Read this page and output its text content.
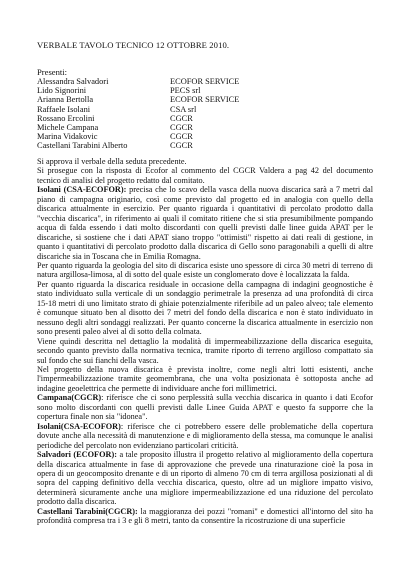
VERBALE TAVOLO TECNICO 12 OTTOBRE 2010.
Presenti:
Alessandra Salvadori	ECOFOR SERVICE
Lido Signorini	PECS srl
Arianna Bertolla	ECOFOR SERVICE
Raffaele Isolani	CSA srl
Rossano Ercolini	CGCR
Michele Campana	CGCR
Marina Vidakovic	CGCR
Castellani Tarabini Alberto	CGCR

Si approva il verbale della seduta precedente.

Si prosegue con la risposta di Ecofor al commento del CGCR Valdera a pag 42 del documento tecnico di analisi del progetto redatto dal comitato.

Isolani (CSA-ECOFOR): precisa che lo scavo della vasca della nuova discarica sarà a 7 metri dal piano di campagna originario, così come previsto dal progetto ed in analogia con quello della discarica attualmente in esercizio. Per quanto riguarda i quantitativi di percolato prodotto dalla "vecchia discarica", in riferimento ai quali il comitato ritiene che si stia presumibilmente pompando acqua di falda essendo i dati molto discordanti con quelli previsti dalle linee guida APAT per le discariche, si sostiene che i dati APAT siano troppo "ottimisti" rispetto ai dati reali di gestione, in quanto i quantitativi di percolato prodotto dalla discarica di Gello sono paragonabili a quelli di altre discariche sia in Toscana che in Emilia Romagna.

Per quanto riguarda la geologia del sito di discarica esiste uno spessore di circa 30 metri di terreno di natura argillosa-limosa, al di sotto del quale esiste un conglomerato dove è localizzata la falda.

Per quanto riguarda la discarica residuale in occasione della campagna di indagini geognostiche è stato individuato sulla verticale di un sondaggio perimetrale la presenza ad una profondità di circa 15-18 metri di uno limitato strato di ghiaie potenzialmente riferibile ad un paleo alveo; tale elemento è comunque situato ben al disotto dei 7 metri del fondo della discarica e non è stato individuato in nessuno degli altri sondaggi realizzati. Per quanto concerne la discarica attualmente in esercizio non sono presenti paleo alvei al di sotto della colmata.

Viene quindi descritta nel dettaglio la modalità di impermeabilizzazione della discarica eseguita, secondo quanto previsto dalla normativa tecnica, tramite riporto di terreno argilloso compattato sia sul fondo che sui fianchi della vasca.

Nel progetto della nuova discarica è prevista inoltre, come negli altri lotti esistenti, anche l'impermeabilizzazione tramite geomembrana, che una volta posizionata è sottoposta anche ad indagine geoelettrica che permette di individuare anche fori millimetrici.

Campana(CGCR): riferisce che ci sono perplessità sulla vecchia discarica in quanto i dati Ecofor sono molto discordanti con quelli previsti dalle Linee Guida APAT e questo fa supporre che la copertura finale non sia "idonea".

Isolani(CSA-ECOFOR): riferisce che ci potrebbero essere delle problematiche della copertura dovute anche alla necessità di manutenzione e di miglioramento della stessa, ma comunque le analisi periodiche del percolato non evidenziano particolari criticità.

Salvadori (ECOFOR): a tale proposito illustra il progetto relativo al miglioramento della copertura della discarica attualmente in fase di approvazione che prevede una rinaturazione cioè la posa in opera di un geocomposito drenante e di un riporto di almeno 70 cm di terra argillosa posizionati al di sopra del capping definitivo della vecchia discarica, questo, oltre ad un migliore impatto visivo, determinerà sicuramente anche una migliore impermeabilizzazione ed una riduzione del percolato prodotto dalla discarica.

Castellani Tarabini(CGCR): la maggioranza dei pozzi "romani" e domestici all'intorno del sito ha profondità compresa tra i 3 e gli 8 metri, tanto da consentire la ricostruzione di una superficie
